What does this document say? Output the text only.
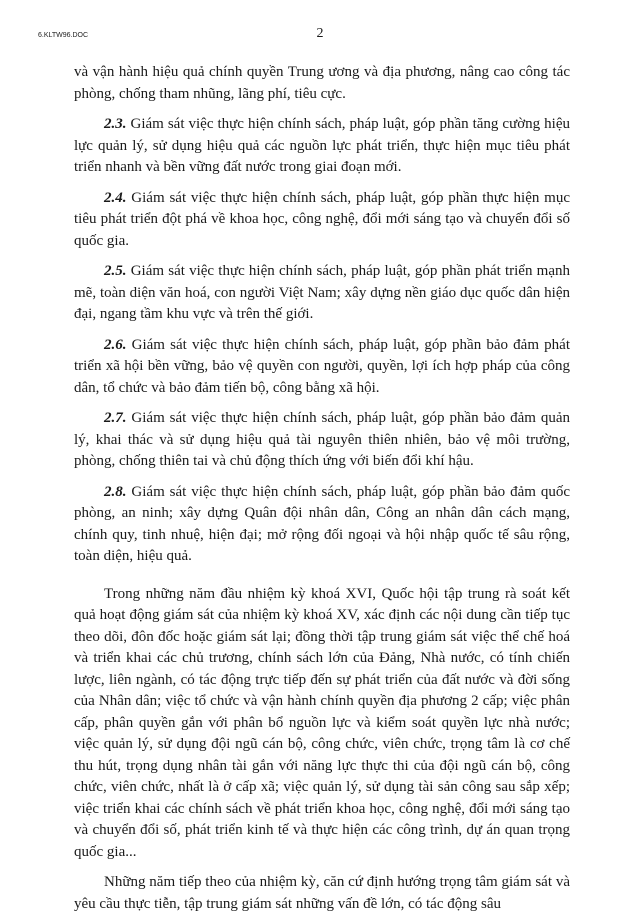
6.KLTW96.DOC	2

và vận hành hiệu quả chính quyền Trung ương và địa phương, nâng cao công tác phòng, chống tham nhũng, lãng phí, tiêu cực.

2.3. Giám sát việc thực hiện chính sách, pháp luật, góp phần tăng cường hiệu lực quản lý, sử dụng hiệu quả các nguồn lực phát triển, thực hiện mục tiêu phát triển nhanh và bền vững đất nước trong giai đoạn mới.

2.4. Giám sát việc thực hiện chính sách, pháp luật, góp phần thực hiện mục tiêu phát triển đột phá về khoa học, công nghệ, đổi mới sáng tạo và chuyển đổi số quốc gia.

2.5. Giám sát việc thực hiện chính sách, pháp luật, góp phần phát triển mạnh mẽ, toàn diện văn hoá, con người Việt Nam; xây dựng nền giáo dục quốc dân hiện đại, ngang tầm khu vực và trên thế giới.

2.6. Giám sát việc thực hiện chính sách, pháp luật, góp phần bảo đảm phát triển xã hội bền vững, bảo vệ quyền con người, quyền, lợi ích hợp pháp của công dân, tổ chức và bảo đảm tiến bộ, công bằng xã hội.

2.7. Giám sát việc thực hiện chính sách, pháp luật, góp phần bảo đảm quản lý, khai thác và sử dụng hiệu quả tài nguyên thiên nhiên, bảo vệ môi trường, phòng, chống thiên tai và chủ động thích ứng với biến đổi khí hậu.

2.8. Giám sát việc thực hiện chính sách, pháp luật, góp phần bảo đảm quốc phòng, an ninh; xây dựng Quân đội nhân dân, Công an nhân dân cách mạng, chính quy, tinh nhuệ, hiện đại; mở rộng đối ngoại và hội nhập quốc tế sâu rộng, toàn diện, hiệu quả.

Trong những năm đầu nhiệm kỳ khoá XVI, Quốc hội tập trung rà soát kết quả hoạt động giám sát của nhiệm kỳ khoá XV, xác định các nội dung cần tiếp tục theo dõi, đôn đốc hoặc giám sát lại; đồng thời tập trung giám sát việc thể chế hoá và triển khai các chủ trương, chính sách lớn của Đảng, Nhà nước, có tính chiến lược, liên ngành, có tác động trực tiếp đến sự phát triển của đất nước và đời sống của Nhân dân; việc tổ chức và vận hành chính quyền địa phương 2 cấp; việc phân cấp, phân quyền gắn với phân bổ nguồn lực và kiểm soát quyền lực nhà nước; việc quản lý, sử dụng đội ngũ cán bộ, công chức, viên chức, trọng tâm là cơ chế thu hút, trọng dụng nhân tài gắn với năng lực thực thi của đội ngũ cán bộ, công chức, viên chức, nhất là ở cấp xã; việc quản lý, sử dụng tài sản công sau sắp xếp; việc triển khai các chính sách về phát triển khoa học, công nghệ, đổi mới sáng tạo và chuyển đổi số, phát triển kinh tế và thực hiện các công trình, dự án quan trọng quốc gia...

Những năm tiếp theo của nhiệm kỳ, căn cứ định hướng trọng tâm giám sát và yêu cầu thực tiễn, tập trung giám sát những vấn đề lớn, có tác động sâu
